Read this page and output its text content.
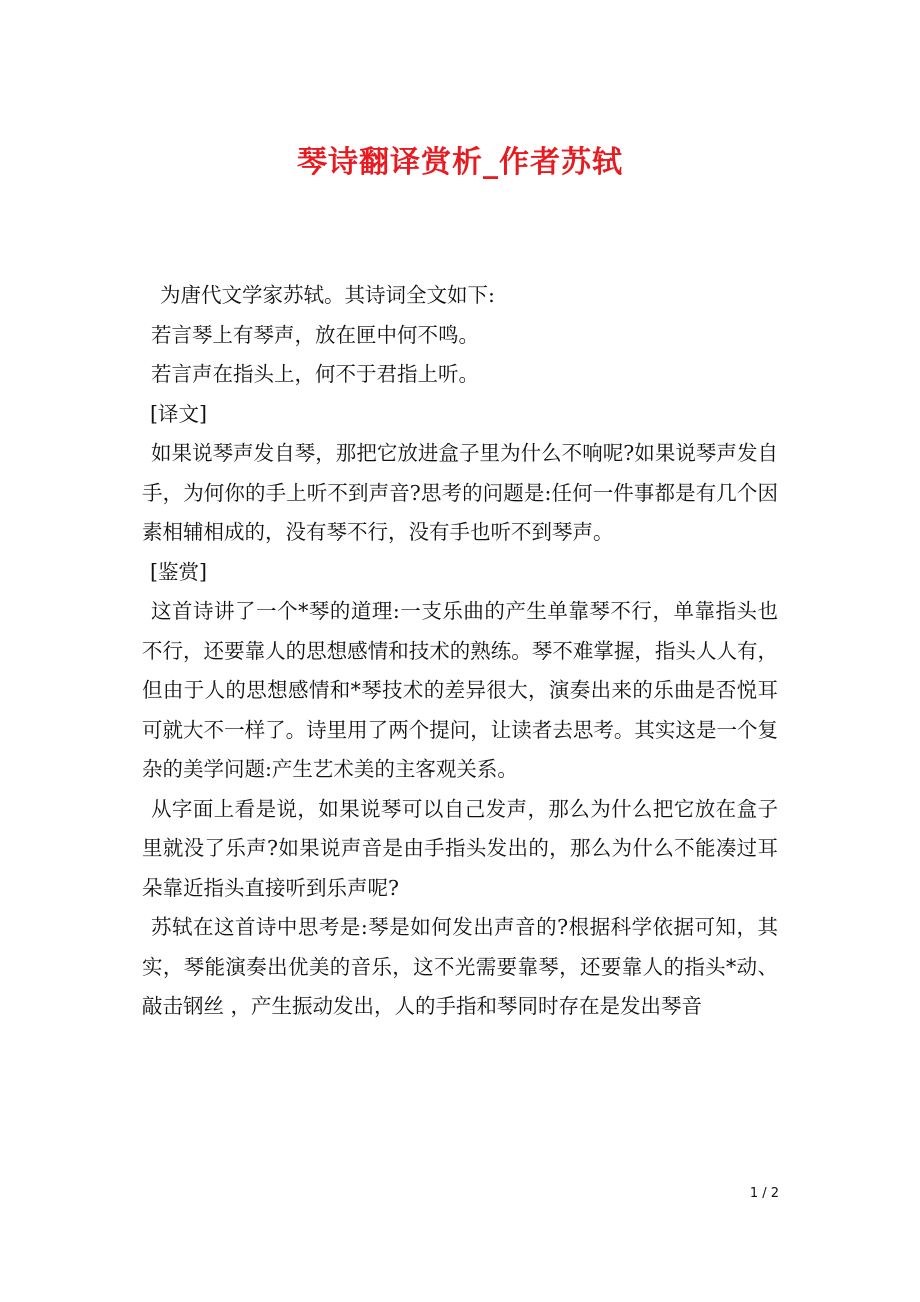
琴诗翻译赏析_作者苏轼

为唐代文学家苏轼。其诗词全文如下:

若言琴上有琴声，放在匣中何不鸣。

若言声在指头上，何不于君指上听。

[译文]

如果说琴声发自琴，那把它放进盒子里为什么不响呢?如果说琴声发自手，为何你的手上听不到声音?思考的问题是:任何一件事都是有几个因素相辅相成的，没有琴不行，没有手也听不到琴声。

[鉴赏]

这首诗讲了一个*琴的道理:一支乐曲的产生单靠琴不行，单靠指头也不行，还要靠人的思想感情和技术的熟练。琴不难掌握，指头人人有，但由于人的思想感情和*琴技术的差异很大，演奏出来的乐曲是否悦耳可就大不一样了。诗里用了两个提问，让读者去思考。其实这是一个复杂的美学问题:产生艺术美的主客观关系。

从字面上看是说，如果说琴可以自己发声，那么为什么把它放在盒子里就没了乐声?如果说声音是由手指头发出的，那么为什么不能凑过耳朵靠近指头直接听到乐声呢?

苏轼在这首诗中思考是:琴是如何发出声音的?根据科学依据可知，其实，琴能演奏出优美的音乐，这不光需要靠琴，还要靠人的指头*动、敲击钢丝 ，产生振动发出，人的手指和琴同时存在是发出琴音

1 / 2
